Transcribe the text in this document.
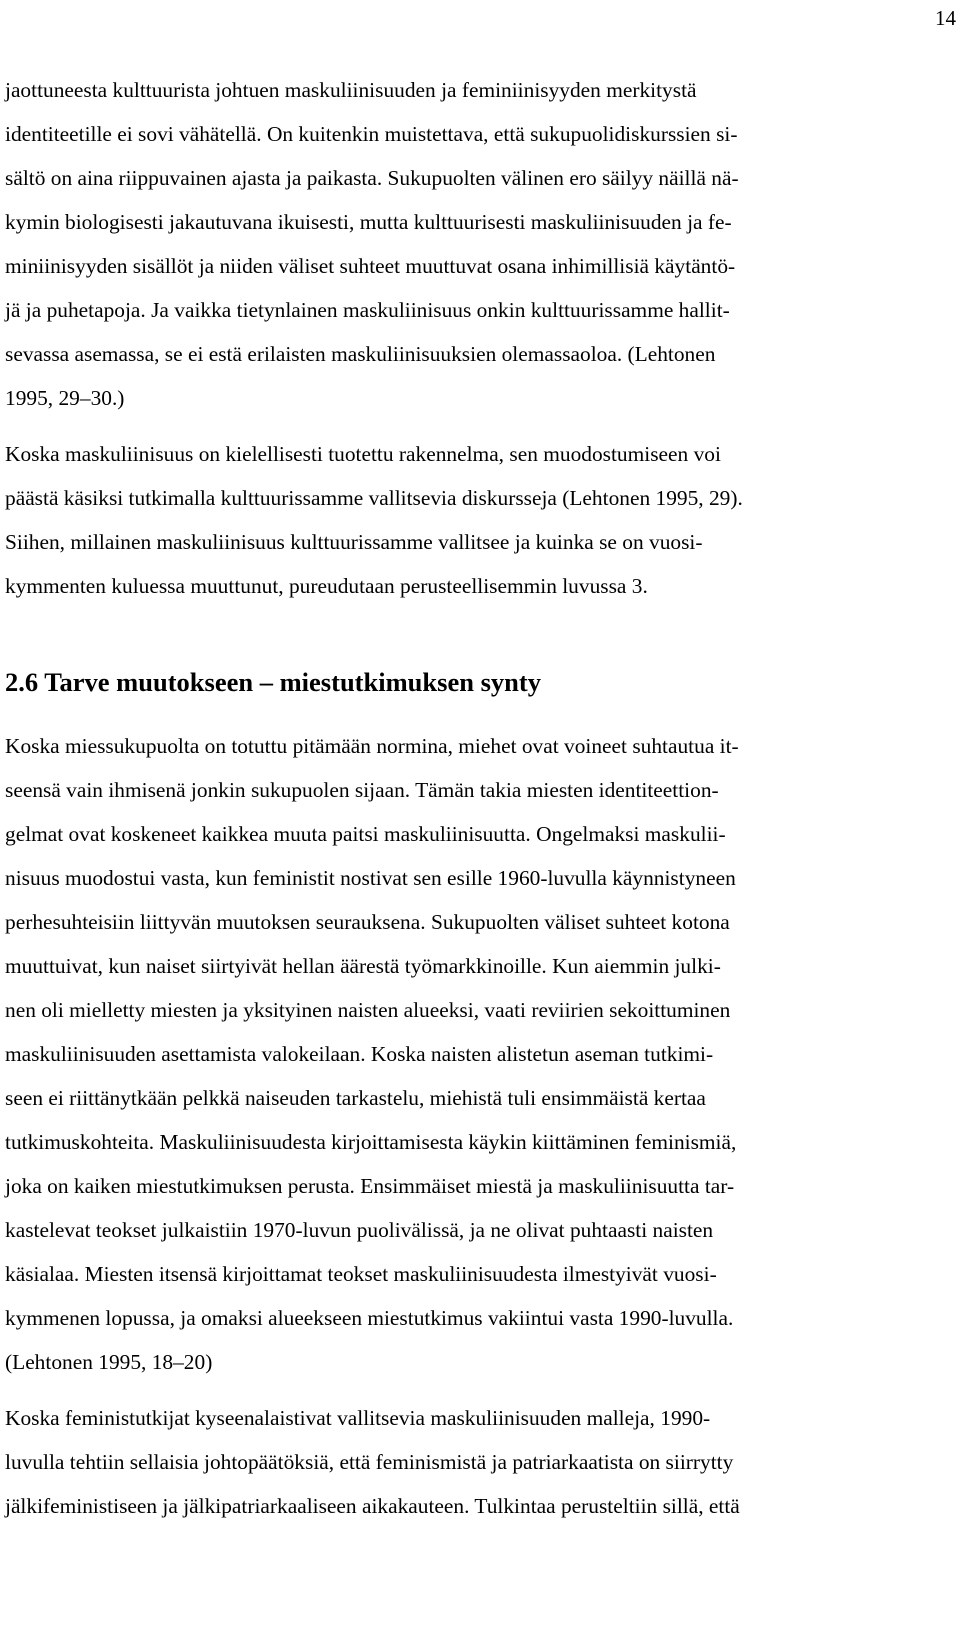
14
jaottuneesta kulttuurista johtuen maskuliinisuuden ja feminiinisyyden merkitystä
identiteetille ei sovi vähätellä. On kuitenkin muistettava, että sukupuolidiskurssien si-
sältö on aina riippuvainen ajasta ja paikasta. Sukupuolten välinen ero säilyy näillä nä-
kymin biologisesti jakautuvana ikuisesti, mutta kulttuurisesti maskuliinisuuden ja fe-
miniinisyyden sisällöt ja niiden väliset suhteet muuttuvat osana inhimillisiä käytäntö-
jä ja puhetapoja. Ja vaikka tietynlainen maskuliinisuus onkin kulttuurissamme hallit-
sevassa asemassa, se ei estä erilaisten maskuliinisuuksien olemassaoloa. (Lehtonen
1995, 29–30.)
Koska maskuliinisuus on kielellisesti tuotettu rakennelma, sen muodostumiseen voi
päästä käsiksi tutkimalla kulttuurissamme vallitsevia diskursseja (Lehtonen 1995, 29).
Siihen, millainen maskuliinisuus kulttuurissamme vallitsee ja kuinka se on vuosi-
kymmenten kuluessa muuttunut, pureudutaan perusteellisemmin luvussa 3.
2.6 Tarve muutokseen – miestutkimuksen synty
Koska miessukupuolta on totuttu pitämään normina, miehet ovat voineet suhtautua it-
seensä vain ihmisenä jonkin sukupuolen sijaan. Tämän takia miesten identiteettion-
gelmat ovat koskeneet kaikkea muuta paitsi maskuliinisuutta. Ongelmaksi maskulii-
nisuus muodostui vasta, kun feministit nostivat sen esille 1960-luvulla käynnistyneen
perhesuhteisiin liittyvän muutoksen seurauksena. Sukupuolten väliset suhteet kotona
muuttuivat, kun naiset siirtyivät hellan äärestä työmarkkinoille. Kun aiemmin julki-
nen oli mielletty miesten ja yksityinen naisten alueeksi, vaati reviirien sekoittuminen
maskuliinisuuden asettamista valokeilaan. Koska naisten alistetun aseman tutkimi-
seen ei riittänytkään pelkkä naiseuden tarkastelu, miehistä tuli ensimmäistä kertaa
tutkimuskohteita. Maskuliinisuudesta kirjoittamisesta käykin kiittäminen feminismiä,
joka on kaiken miestutkimuksen perusta. Ensimmäiset miestä ja maskuliinisuutta tar-
kastelevat teokset julkaistiin 1970-luvun puolivälissä, ja ne olivat puhtaasti naisten
käsialaa. Miesten itsensä kirjoittamat teokset maskuliinisuudesta ilmestyivät vuosi-
kymmenen lopussa, ja omaksi alueekseen miestutkimus vakiintui vasta 1990-luvulla.
(Lehtonen 1995, 18–20)
Koska feministutkijat kyseenalaistivat vallitsevia maskuliinisuuden malleja, 1990-
luvulla tehtiin sellaisia johtopäätöksiä, että feminismistä ja patriarkaatista on siirrytty
jälkifeministiseen ja jälkipatriarkaaliseen aikakauteen. Tulkintaa perusteltiin sillä, että
